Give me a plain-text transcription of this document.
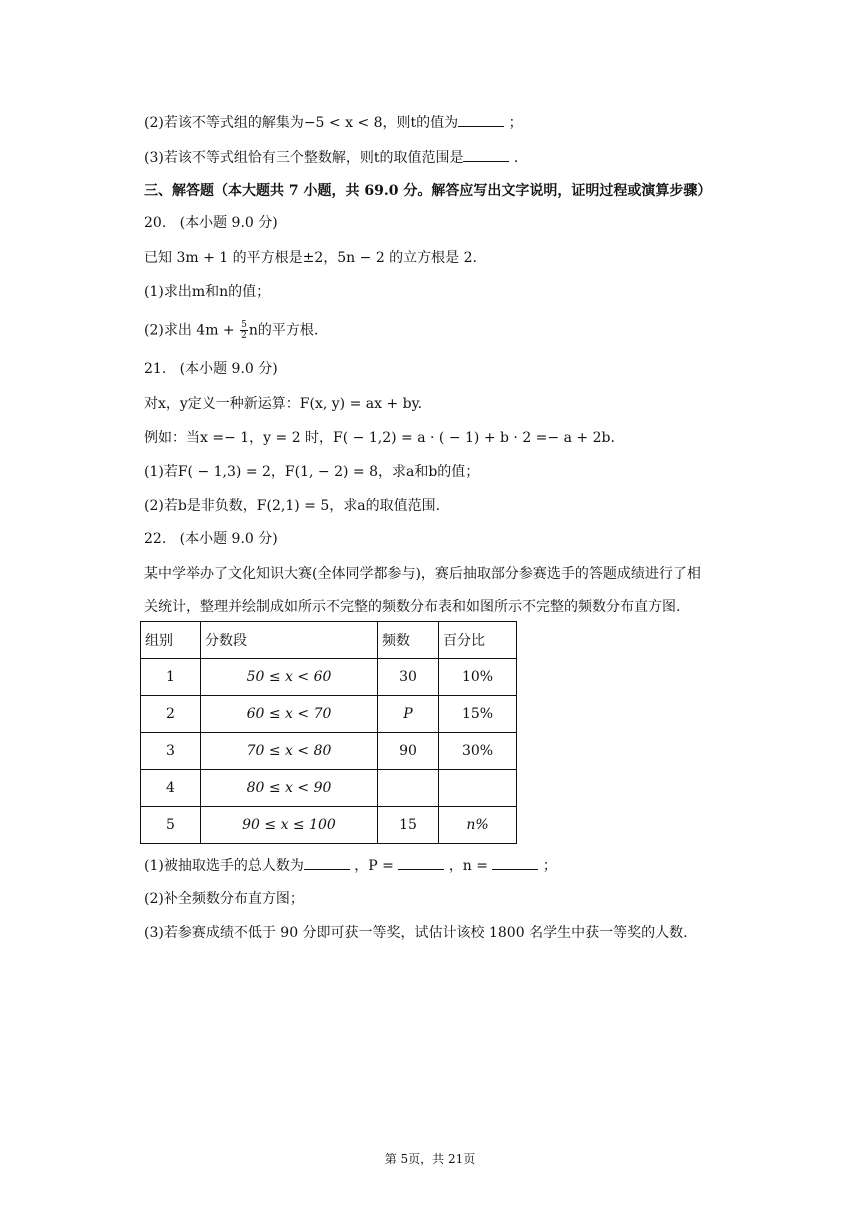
(2)若该不等式组的解集为−5 < x < 8，则t的值为	；
(3)若该不等式组恰有三个整数解，则t的取值范围是	.
三、解答题（本大题共 7 小题，共 69.0 分。解答应写出文字说明，证明过程或演算步骤）
20. (本小题 9.0 分)
已知 3m + 1 的平方根是±2，5n − 2 的立方根是 2.
(1)求出m和n的值；
(2)求出 $4m + \frac{5}{2}$ n的平方根.
21. (本小题 9.0 分)
对x，y定义一种新运算：F(x, y) = ax + by.
例如：当x =− 1，y = 2 时，F( − 1,2) = a · ( − 1) + b · 2 =− a + 2b.
(1)若F( − 1,3) = 2，F(1, − 2) = 8，求a和b的值；
(2)若b是非负数，F(2,1) = 5，求a的取值范围.
22. (本小题 9.0 分)
某中学举办了文化知识大赛(全体同学都参与)，赛后抽取部分参赛选手的答题成绩进行了相
关统计，整理并绘制成如所示不完整的频数分布表和如图所示不完整的频数分布直方图.
组别	分数段	频数	百分比
1	50 ≤ x < 60	30	10%
2	60 ≤ x < 70	P	15%
3	70 ≤ x < 80	90	30%
4	80 ≤ x < 90		
5	90 ≤ x ≤ 100	15	n%
(1)被抽取选手的总人数为	，P =	，n =	；
(2)补全频数分布直方图；
(3)若参赛成绩不低于 90 分即可获一等奖，试估计该校 1800 名学生中获一等奖的人数.
第 5页，共 21页
